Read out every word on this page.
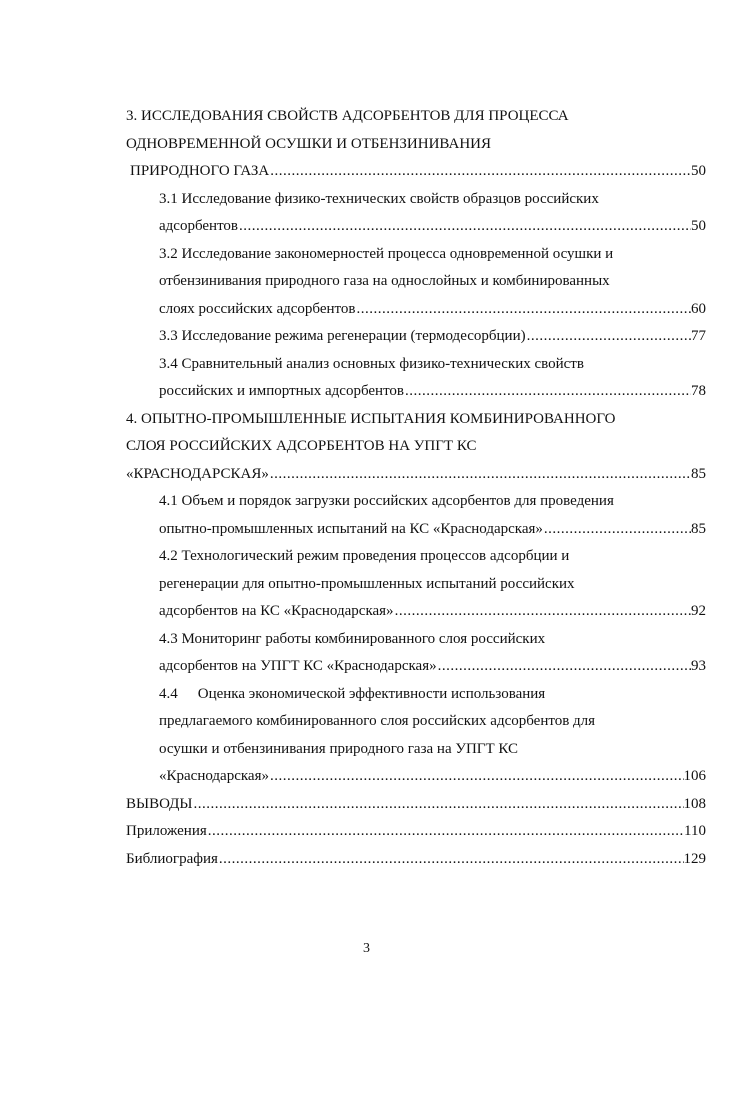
3. ИССЛЕДОВАНИЯ СВОЙСТВ АДСОРБЕНТОВ ДЛЯ ПРОЦЕССА
ОДНОВРЕМЕННОЙ ОСУШКИ И ОТБЕНЗИНИВАНИЯ
ПРИРОДНОГО ГАЗА .....	50
3.1 Исследование физико-технических свойств образцов российских
адсорбентов .....	50
3.2 Исследование закономерностей процесса одновременной осушки и
отбензинивания природного газа на однослойных и комбинированных
слоях российских адсорбентов .....	60
3.3 Исследование режима регенерации (термодесорбции) .....	77
3.4 Сравнительный анализ основных физико-технических свойств
российских и импортных адсорбентов .....	78
4. ОПЫТНО-ПРОМЫШЛЕННЫЕ ИСПЫТАНИЯ КОМБИНИРОВАННОГО
СЛОЯ РОССИЙСКИХ АДСОРБЕНТОВ НА УПГТ КС
«КРАСНОДАРСКАЯ» .....	85
4.1 Объем и порядок загрузки российских адсорбентов для проведения
опытно-промышленных испытаний на КС «Краснодарская» .....	85
4.2 Технологический режим проведения процессов адсорбции и
регенерации для опытно-промышленных испытаний российских
адсорбентов на КС «Краснодарская» .....	92
4.3 Мониторинг работы комбинированного слоя российских
адсорбентов на УПГТ КС «Краснодарская» .....	93
4.4 Оценка экономической эффективности использования
предлагаемого комбинированного слоя российских адсорбентов для
осушки и отбензинивания природного газа на УПГТ КС
«Краснодарская» .....	106
ВЫВОДЫ .....	108
Приложения .....	110
Библиография .....	129
3
